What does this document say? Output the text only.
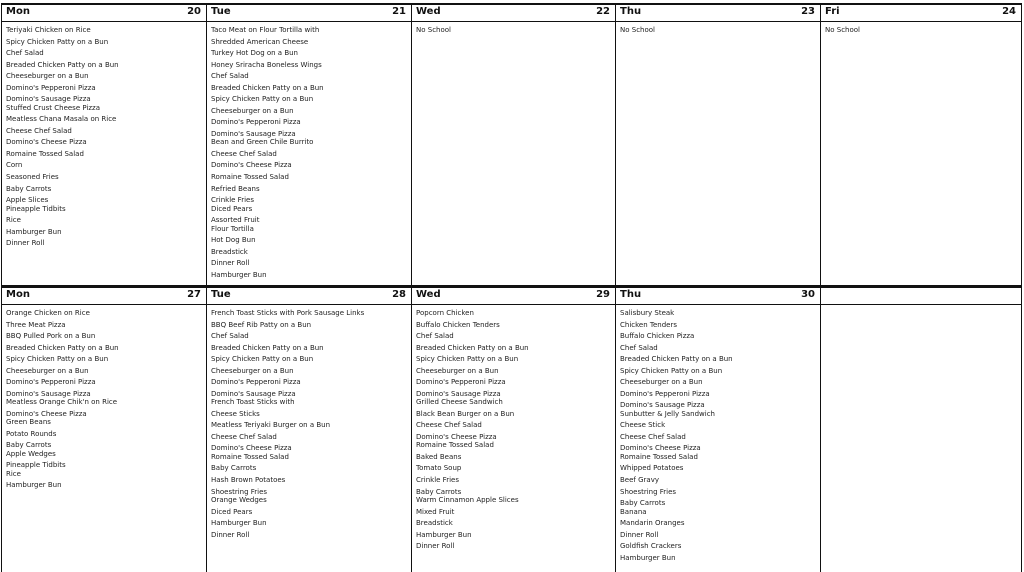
Mon	20
Teriyaki Chicken on Rice
Spicy Chicken Patty on a Bun
Chef Salad
Breaded Chicken Patty on a Bun
Cheeseburger on a Bun
Domino's Pepperoni Pizza
Domino's Sausage Pizza
Stuffed Crust Cheese Pizza
Meatless Chana Masala on Rice
Cheese Chef Salad
Domino's Cheese Pizza
Romaine Tossed Salad
Corn
Seasoned Fries
Baby Carrots
Apple Slices
Pineapple Tidbits
Rice
Hamburger Bun
Dinner Roll
Tue	21
Taco Meat on Flour Tortilla with
Shredded American Cheese
Turkey Hot Dog on a Bun
Honey Sriracha Boneless Wings
Chef Salad
Breaded Chicken Patty on a Bun
Spicy Chicken Patty on a Bun
Cheeseburger on a Bun
Domino's Pepperoni Pizza
Domino's Sausage Pizza
Bean and Green Chile Burrito
Cheese Chef Salad
Domino's Cheese Pizza
Romaine Tossed Salad
Refried Beans
Crinkle Fries
Diced Pears
Assorted Fruit
Flour Tortilla
Hot Dog Bun
Breadstick
Dinner Roll
Hamburger Bun
Wed	22
No School
Thu	23
No School
Fri	24
No School
Mon	27
Orange Chicken on Rice
Three Meat Pizza
BBQ Pulled Pork on a Bun
Breaded Chicken Patty on a Bun
Spicy Chicken Patty on a Bun
Cheeseburger on a Bun
Domino's Pepperoni Pizza
Domino's Sausage Pizza
Meatless Orange Chik'n on Rice
Domino's Cheese Pizza
Green Beans
Potato Rounds
Baby Carrots
Apple Wedges
Pineapple Tidbits
Rice
Hamburger Bun
Tue	28
French Toast Sticks with Pork Sausage Links
BBQ Beef Rib Patty on a Bun
Chef Salad
Breaded Chicken Patty on a Bun
Spicy Chicken Patty on a Bun
Cheeseburger on a Bun
Domino's Pepperoni Pizza
Domino's Sausage Pizza
French Toast Sticks with
Cheese Sticks
Meatless Teriyaki Burger on a Bun
Cheese Chef Salad
Domino's Cheese Pizza
Romaine Tossed Salad
Baby Carrots
Hash Brown Potatoes
Shoestring Fries
Orange Wedges
Diced Pears
Hamburger Bun
Dinner Roll
Wed	29
Popcorn Chicken
Buffalo Chicken Tenders
Chef Salad
Breaded Chicken Patty on a Bun
Spicy Chicken Patty on a Bun
Cheeseburger on a Bun
Domino's Pepperoni Pizza
Domino's Sausage Pizza
Grilled Cheese Sandwich
Black Bean Burger on a Bun
Cheese Chef Salad
Domino's Cheese Pizza
Romaine Tossed Salad
Baked Beans
Tomato Soup
Crinkle Fries
Baby Carrots
Warm Cinnamon Apple Slices
Mixed Fruit
Breadstick
Hamburger Bun
Dinner Roll
Thu	30
Salisbury Steak
Chicken Tenders
Buffalo Chicken Pizza
Chef Salad
Breaded Chicken Patty on a Bun
Spicy Chicken Patty on a Bun
Cheeseburger on a Bun
Domino's Pepperoni Pizza
Domino's Sausage Pizza
Sunbutter & Jelly Sandwich
Cheese Stick
Cheese Chef Salad
Domino's Cheese Pizza
Romaine Tossed Salad
Whipped Potatoes
Beef Gravy
Shoestring Fries
Baby Carrots
Banana
Mandarin Oranges
Dinner Roll
Goldfish Crackers
Hamburger Bun
